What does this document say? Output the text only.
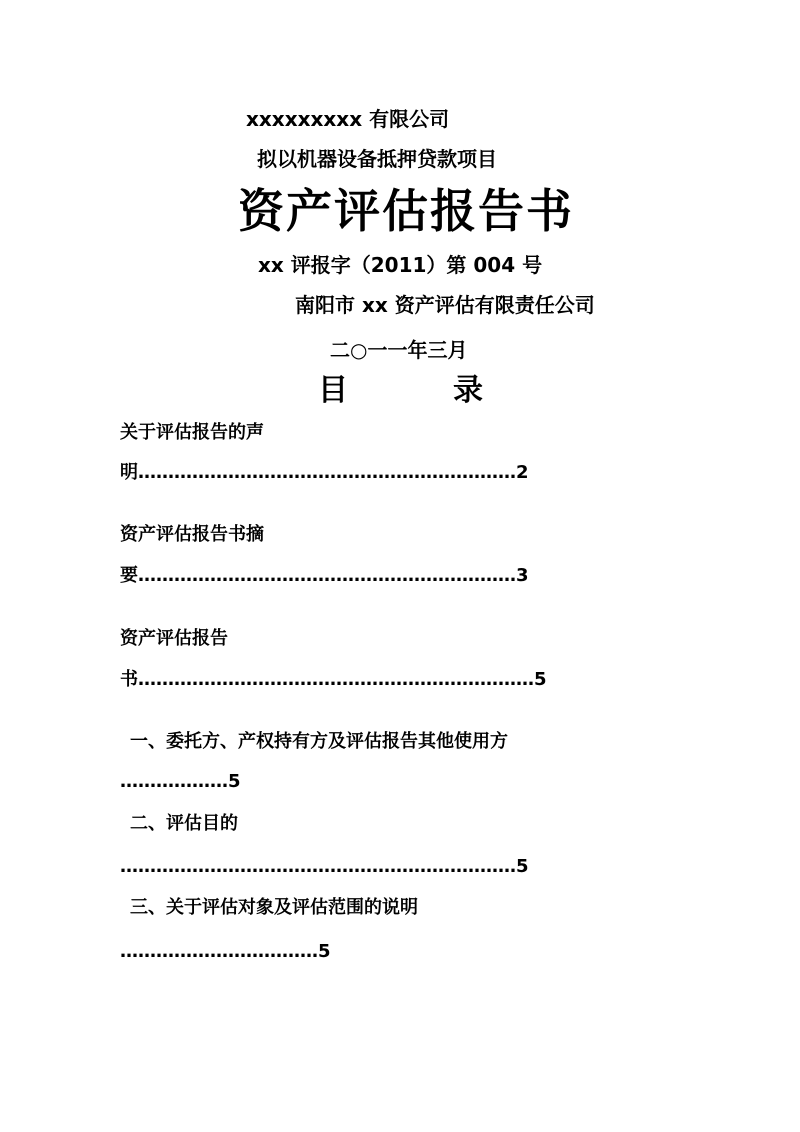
xxxxxxxxx 有限公司
拟以机器设备抵押贷款项目
资产评估报告书
xx 评报字（2011）第 004 号
南阳市 xx 资产评估有限责任公司
二○一一年三月
目	录
关于评估报告的声
明………………………………………………………2
资产评估报告书摘
要………………………………………………………3
资产评估报告
书…………………………………………………………5
一、委托方、产权持有方及评估报告其他使用方
………………5
二、评估目的
…………………………………………………………5
三、关于评估对象及评估范围的说明
……………………………5
